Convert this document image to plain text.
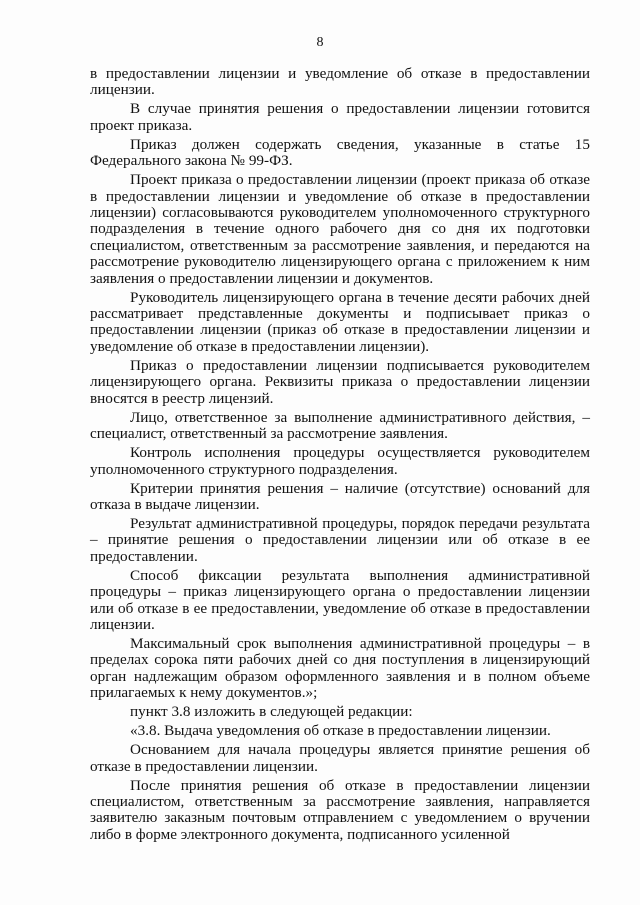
8

в предоставлении лицензии и уведомление об отказе в предоставлении лицензии.

В случае принятия решения о предоставлении лицензии готовится проект приказа.

Приказ должен содержать сведения, указанные в статье 15 Федерального закона № 99-ФЗ.

Проект приказа о предоставлении лицензии (проект приказа об отказе в предоставлении лицензии и уведомление об отказе в предоставлении лицензии) согласовываются руководителем уполномоченного структурного подразделения в течение одного рабочего дня со дня их подготовки специалистом, ответственным за рассмотрение заявления, и передаются на рассмотрение руководителю лицензирующего органа с приложением к ним заявления о предоставлении лицензии и документов.

Руководитель лицензирующего органа в течение десяти рабочих дней рассматривает представленные документы и подписывает приказ о предоставлении лицензии (приказ об отказе в предоставлении лицензии и уведомление об отказе в предоставлении лицензии).

Приказ о предоставлении лицензии подписывается руководителем лицензирующего органа. Реквизиты приказа о предоставлении лицензии вносятся в реестр лицензий.

Лицо, ответственное за выполнение административного действия, – специалист, ответственный за рассмотрение заявления.

Контроль исполнения процедуры осуществляется руководителем уполномоченного структурного подразделения.

Критерии принятия решения – наличие (отсутствие) оснований для отказа в выдаче лицензии.

Результат административной процедуры, порядок передачи результата – принятие решения о предоставлении лицензии или об отказе в ее предоставлении.

Способ фиксации результата выполнения административной процедуры – приказ лицензирующего органа о предоставлении лицензии или об отказе в ее предоставлении, уведомление об отказе в предоставлении лицензии.

Максимальный срок выполнения административной процедуры – в пределах сорока пяти рабочих дней со дня поступления в лицензирующий орган надлежащим образом оформленного заявления и в полном объеме прилагаемых к нему документов.»;

пункт 3.8 изложить в следующей редакции:

«3.8. Выдача уведомления об отказе в предоставлении лицензии.

Основанием для начала процедуры является принятие решения об отказе в предоставлении лицензии.

После принятия решения об отказе в предоставлении лицензии специалистом, ответственным за рассмотрение заявления, направляется заявителю заказным почтовым отправлением с уведомлением о вручении либо в форме электронного документа, подписанного усиленной
